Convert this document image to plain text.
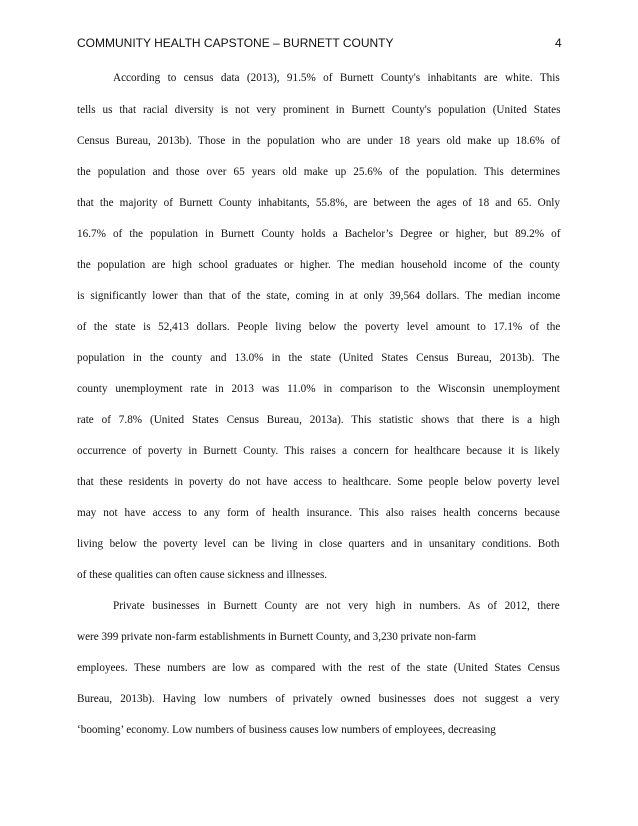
COMMUNITY HEALTH CAPSTONE – BURNETT COUNTY	4
According to census data (2013), 91.5% of Burnett County's inhabitants are white. This
tells us that racial diversity is not very prominent in Burnett County's population (United States
Census Bureau, 2013b). Those in the population who are under 18 years old make up 18.6% of
the population and those over 65 years old make up 25.6% of the population. This determines
that the majority of Burnett County inhabitants, 55.8%, are between the ages of 18 and 65. Only
16.7% of the population in Burnett County holds a Bachelor’s Degree or higher, but 89.2% of
the population are high school graduates or higher. The median household income of the county
is significantly lower than that of the state, coming in at only 39,564 dollars. The median income
of the state is 52,413 dollars. People living below the poverty level amount to 17.1% of the
population in the county and 13.0% in the state (United States Census Bureau, 2013b). The
county unemployment rate in 2013 was 11.0% in comparison to the Wisconsin unemployment
rate of 7.8% (United States Census Bureau, 2013a). This statistic shows that there is a high
occurrence of poverty in Burnett County. This raises a concern for healthcare because it is likely
that these residents in poverty do not have access to healthcare. Some people below poverty level
may not have access to any form of health insurance. This also raises health concerns because
living below the poverty level can be living in close quarters and in unsanitary conditions. Both
of these qualities can often cause sickness and illnesses.
Private businesses in Burnett County are not very high in numbers. As of 2012, there
were 399 private non-farm establishments in Burnett County, and 3,230 private non-farm
employees. These numbers are low as compared with the rest of the state (United States Census
Bureau, 2013b). Having low numbers of privately owned businesses does not suggest a very
‘booming’ economy. Low numbers of business causes low numbers of employees, decreasing
